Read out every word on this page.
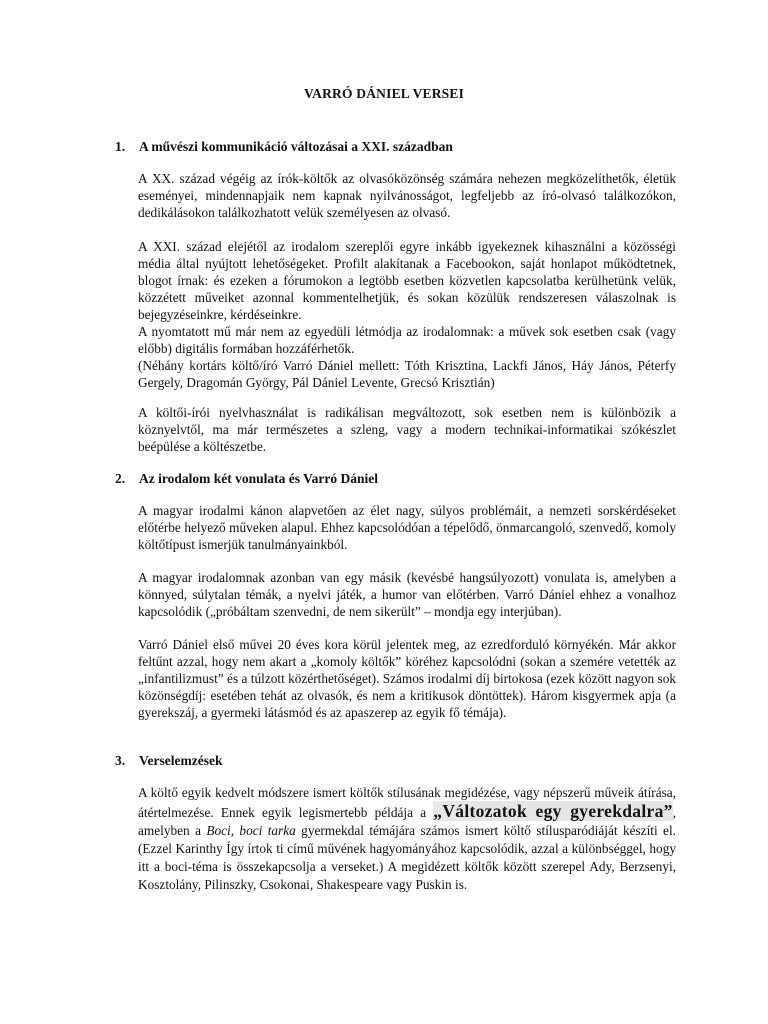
VARRÓ DÁNIEL VERSEI
1. A művészi kommunikáció változásai a XXI. században

A XX. század végéig az írók-költők az olvasóközönség számára nehezen megközelíthetők, életük eseményei, mindennapjaik nem kapnak nyilvánosságot, legfeljebb az író-olvasó találkozókon, dedikálásokon találkozhatott velük személyesen az olvasó.

A XXI. század elejétől az irodalom szereplői egyre inkább igyekeznek kihasználni a közösségi média által nyújtott lehetőségeket. Profilt alakítanak a Facebookon, saját honlapot működtetnek, blogot írnak: és ezeken a fórumokon a legtöbb esetben közvetlen kapcsolatba kerülhetünk velük, közzétett műveiket azonnal kommentelhetjük, és sokan közülük rendszeresen válaszolnak is bejegyzéseinkre, kérdéseinkre.

A nyomtatott mű már nem az egyedüli létmódja az irodalomnak: a művek sok esetben csak (vagy előbb) digitális formában hozzáférhetők.

(Néhány kortárs költő/író Varró Dániel mellett: Tóth Krisztina, Lackfi János, Háy János, Péterfy Gergely, Dragomán György, Pál Dániel Levente, Grecsó Krisztián)

A költői-írói nyelvhasználat is radikálisan megváltozott, sok esetben nem is különbözik a köznyelvtől, ma már természetes a szleng, vagy a modern technikai-informatikai szókészlet beépülése a költészetbe.

2. Az irodalom két vonulata és Varró Dániel

A magyar irodalmi kánon alapvetően az élet nagy, súlyos problémáit, a nemzeti sorskérdéseket előtérbe helyező műveken alapul. Ehhez kapcsolódóan a tépelődő, önmarcangoló, szenvedő, komoly költőtípust ismerjük tanulmányainkból.

A magyar irodalomnak azonban van egy másik (kevésbé hangsúlyozott) vonulata is, amelyben a könnyed, súlytalan témák, a nyelvi játék, a humor van előtérben. Varró Dániel ehhez a vonalhoz kapcsolódik („próbáltam szenvedni, de nem sikerült” – mondja egy interjúban).

Varró Dániel első művei 20 éves kora körül jelentek meg, az ezredforduló környékén. Már akkor feltűnt azzal, hogy nem akart a „komoly költők” köréhez kapcsolódni (sokan a szemére vetették az „infantilizmust” és a túlzott közérthetőséget). Számos irodalmi díj birtokosa (ezek között nagyon sok közönségdíj: esetében tehát az olvasók, és nem a kritikusok döntöttek). Három kisgyermek apja (a gyerekszáj, a gyermeki látásmód és az apaszerep az egyik fő témája).

3. Verselemzések

A költő egyik kedvelt módszere ismert költők stílusának megidézése, vagy népszerű műveik átírása, átértelmezése. Ennek egyik legismertebb példája a „Változatok egy gyerekdalra”, amelyben a Boci, boci tarka gyermekdal témájára számos ismert költő stílusparódiáját készíti el. (Ezzel Karinthy Így írtok ti című művének hagyományához kapcsolódik, azzal a különbséggel, hogy itt a boci-téma is összekapcsolja a verseket.) A megidézett költők között szerepel Ady, Berzsenyi, Kosztolány, Pilinszky, Csokonai, Shakespeare vagy Puskin is.
